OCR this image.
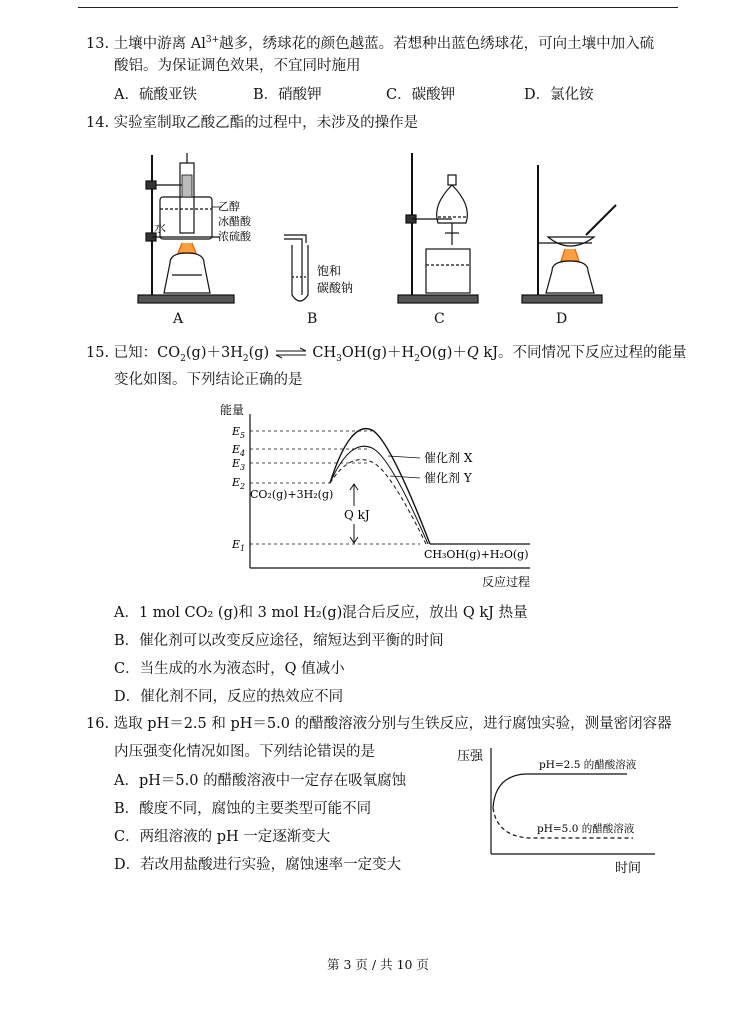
13. 土壤中游离 $Al^{3+}$越多，绣球花的颜色越蓝。若想种出蓝色绣球花，可向土壤中加入硫
酸铝。为保证调色效果，不宜同时施用
A．硫酸亚铁	B．硝酸钾	C．碳酸钾	D．氯化铵
14. 实验室制取乙酸乙酯的过程中，未涉及的操作是
水
乙醇
冰醋酸
浓硫酸
饱和
碳酸钠
A	B	C	D
15. 已知：$CO_2(g)+3H_2(g)$ ⇌ $CH_3OH(g)+H_2O(g)+Q$ kJ。不同情况下反应过程的能量
变化如图。下列结论正确的是
能量
反应过程
$E_5$
$E_4$
$E_3$
$E_2$
$E_1$
催化剂 X
催化剂 Y
CO₂(g)+3H₂(g)
CH₃OH(g)+H₂O(g)
Q kJ
A．1 mol CO₂ (g)和 3 mol H₂(g)混合后反应，放出 Q kJ 热量
B．催化剂可以改变反应途径，缩短达到平衡的时间
C．当生成的水为液态时，Q 值减小
D．催化剂不同，反应的热效应不同
16. 选取 pH＝2.5 和 pH＝5.0 的醋酸溶液分别与生铁反应，进行腐蚀实验，测量密闭容器
内压强变化情况如图。下列结论错误的是
A．pH＝5.0 的醋酸溶液中一定存在吸氧腐蚀
B．酸度不同，腐蚀的主要类型可能不同
C．两组溶液的 pH 一定逐渐变大
D．若改用盐酸进行实验，腐蚀速率一定变大
压强
时间
pH=2.5 的醋酸溶液
pH=5.0 的醋酸溶液
第 3 页 / 共 10 页
